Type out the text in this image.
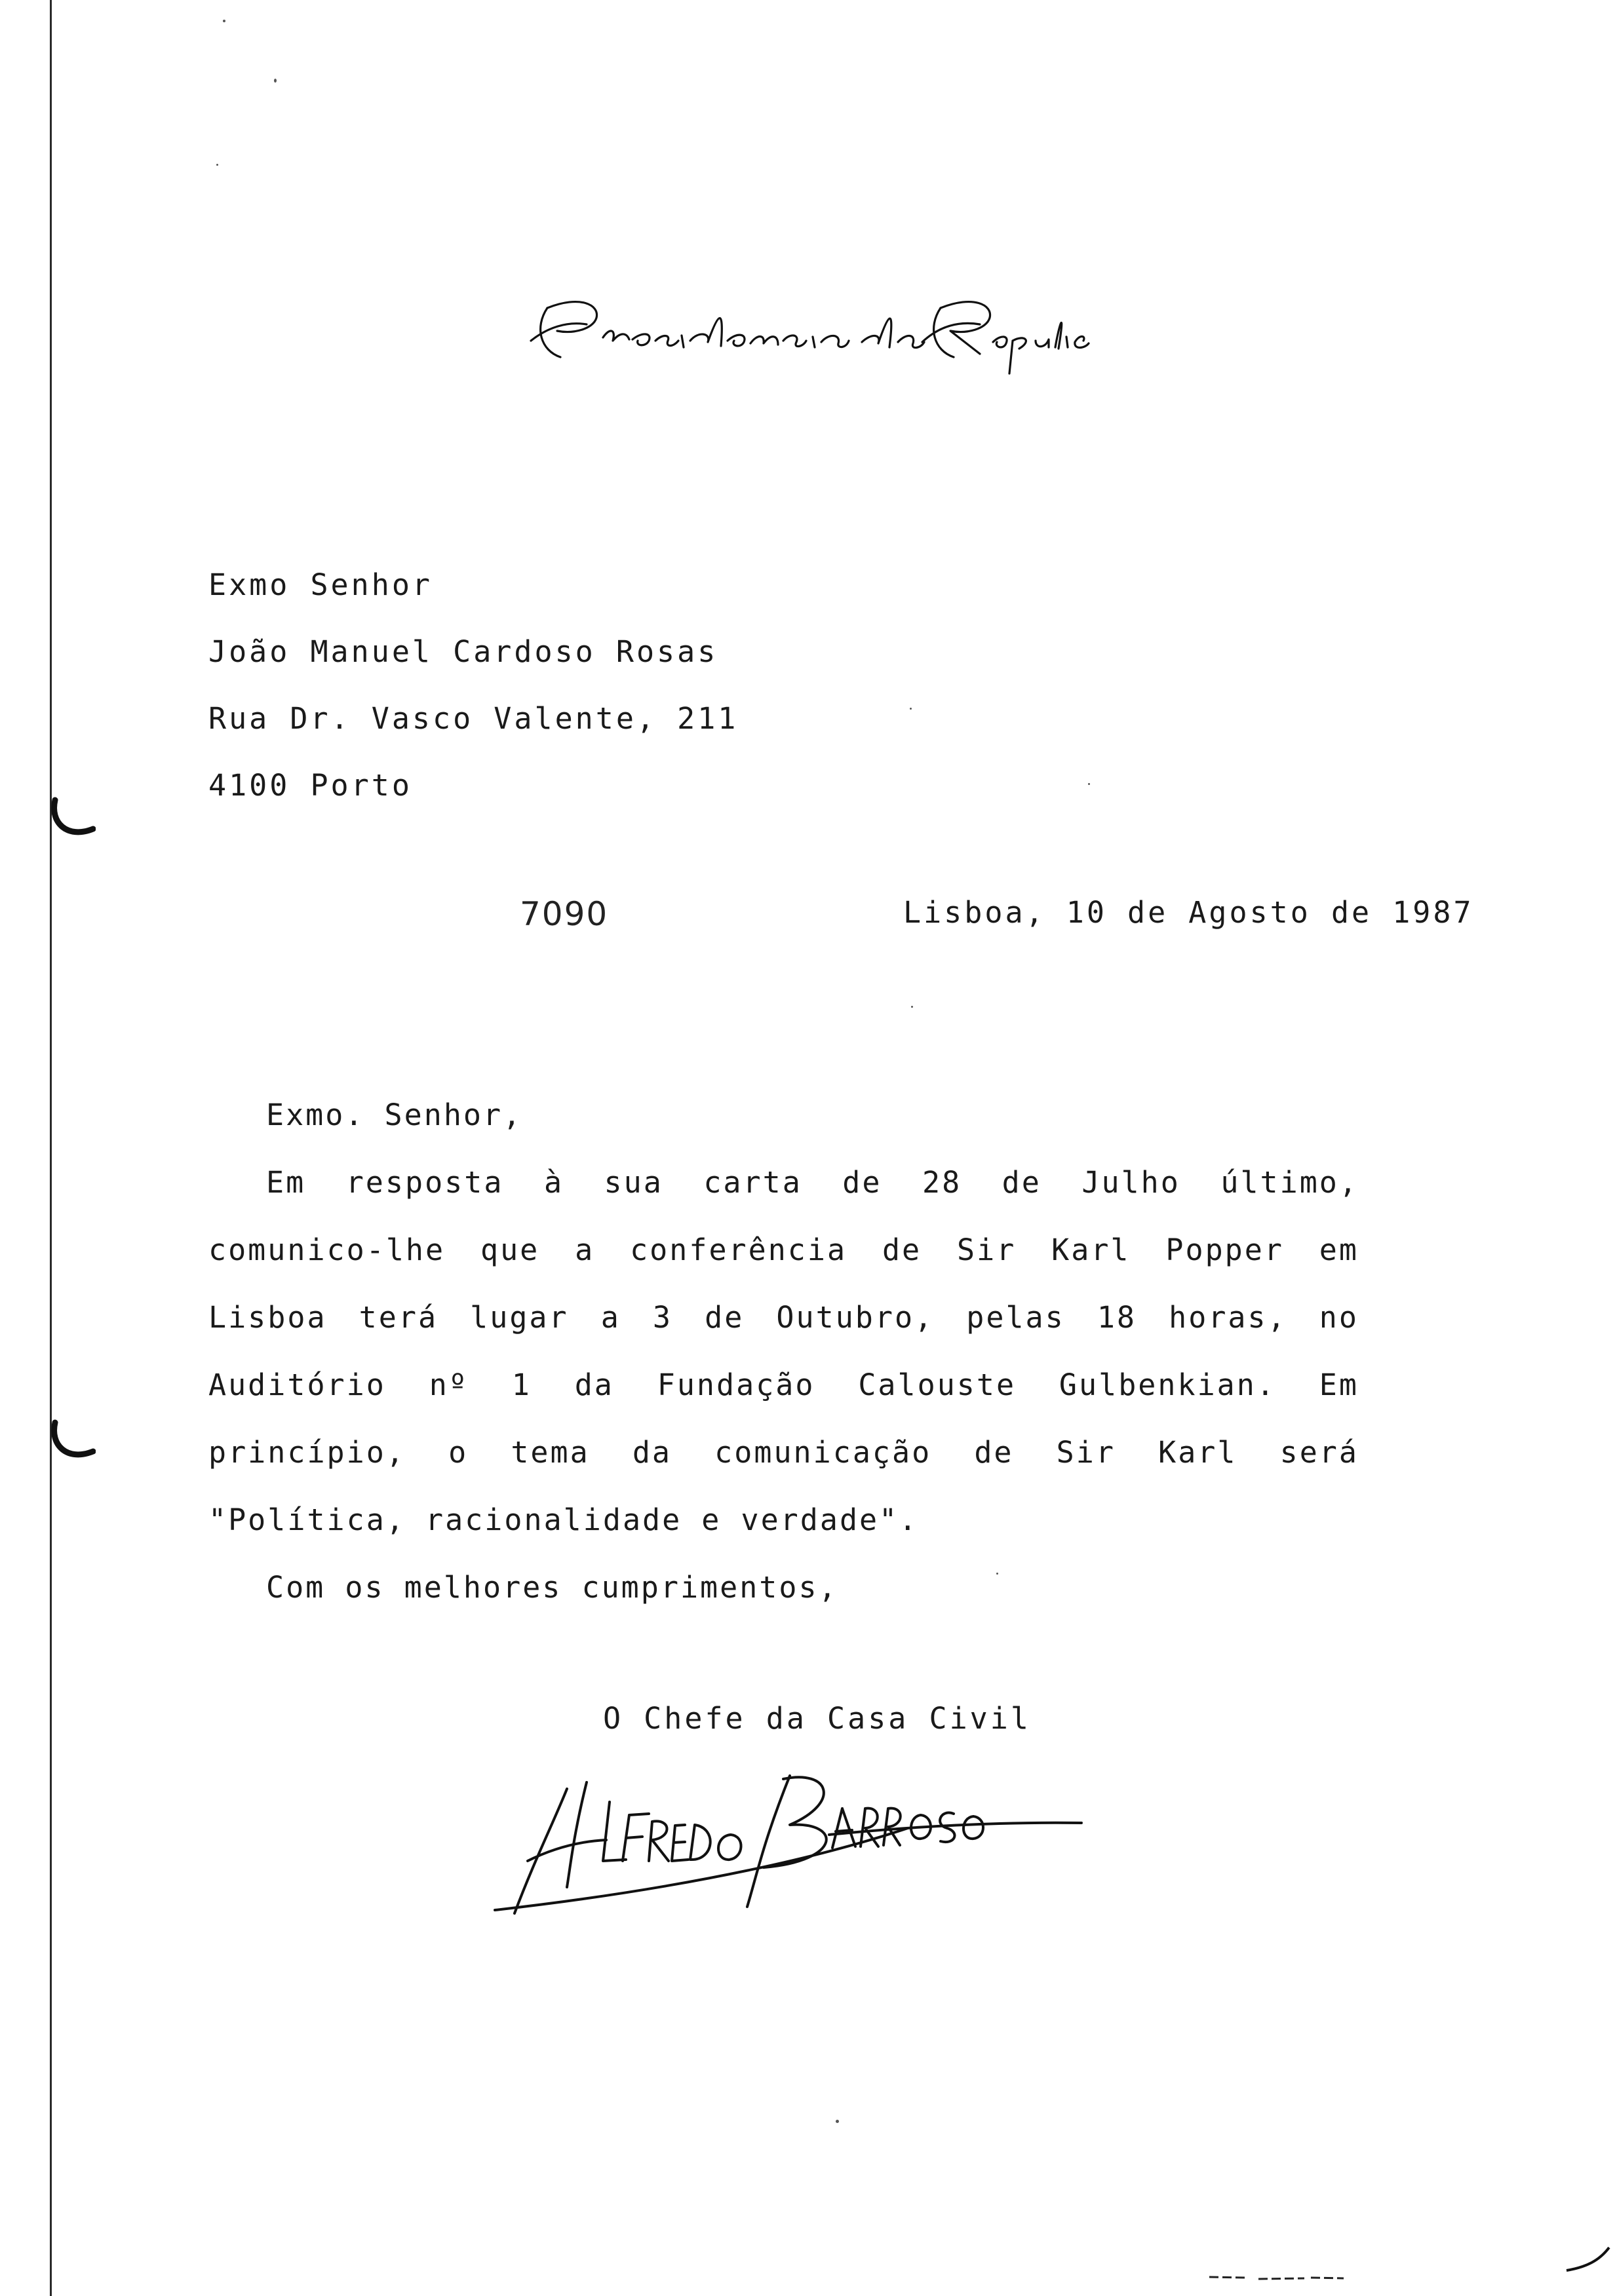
Exmo Senhor
João Manuel Cardoso Rosas
Rua Dr. Vasco Valente, 211
4100 Porto
7090	Lisboa, 10 de Agosto de 1987

Exmo. Senhor,

Em resposta à sua carta de 28 de Julho último, comunico-lhe que a conferência de Sir Karl Popper em Lisboa terá lugar a 3 de Outubro, pelas 18 horas, no Auditório nº 1 da Fundação Calouste Gulbenkian. Em princípio, o tema da comunicação de Sir Karl será "Política, racionalidade e verdade".

Com os melhores cumprimentos,

O Chefe da Casa Civil
